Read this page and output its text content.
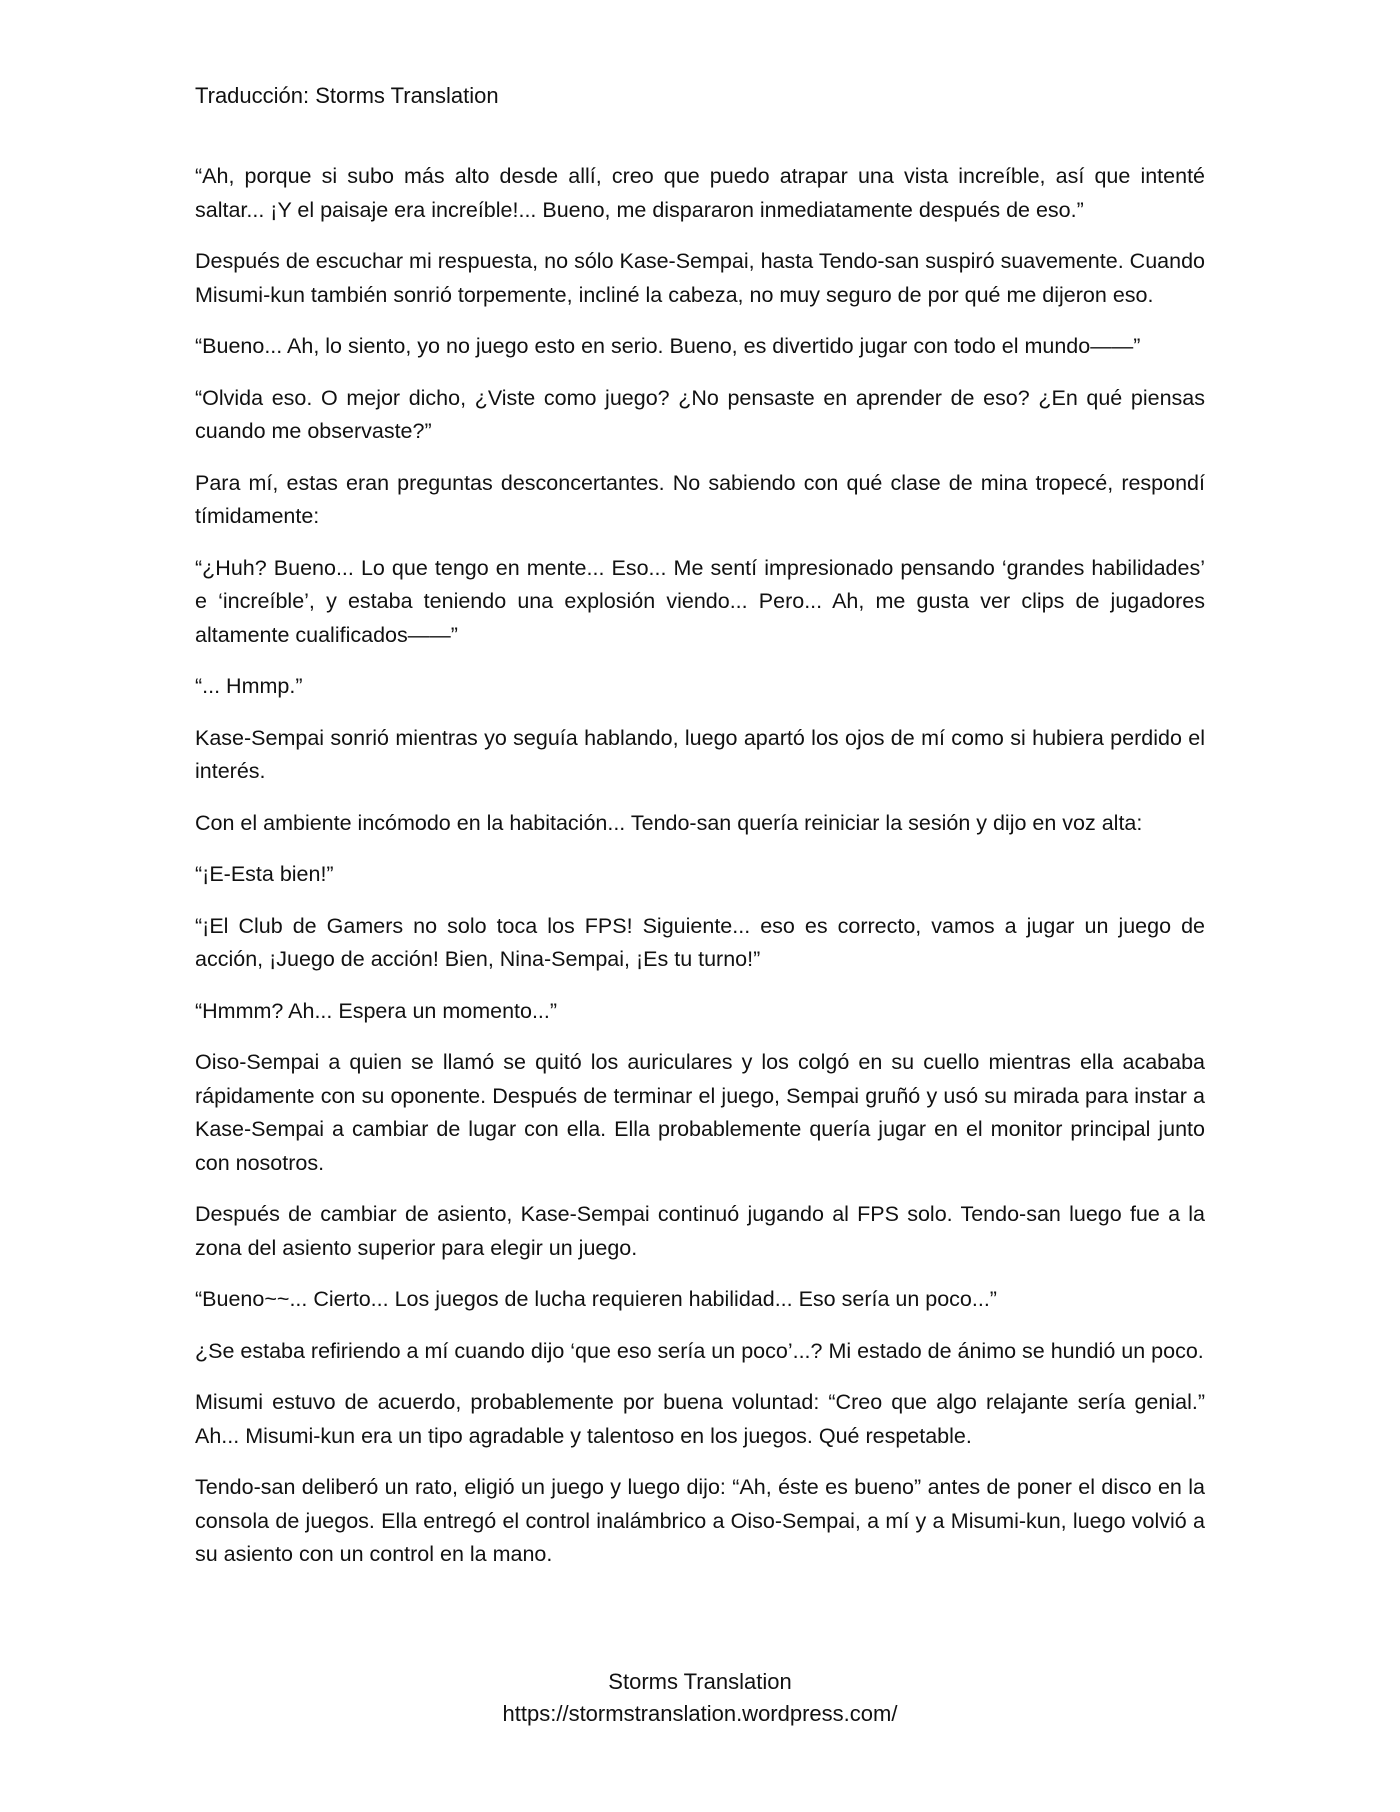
Traducción: Storms Translation

“Ah, porque si subo más alto desde allí, creo que puedo atrapar una vista increíble, así que intenté saltar... ¡Y el paisaje era increíble!... Bueno, me dispararon inmediatamente después de eso.”

Después de escuchar mi respuesta, no sólo Kase-Sempai, hasta Tendo-san suspiró suavemente. Cuando Misumi-kun también sonrió torpemente, incliné la cabeza, no muy seguro de por qué me dijeron eso.

“Bueno... Ah, lo siento, yo no juego esto en serio. Bueno, es divertido jugar con todo el mundo——”

“Olvida eso. O mejor dicho, ¿Viste como juego? ¿No pensaste en aprender de eso? ¿En qué piensas cuando me observaste?”

Para mí, estas eran preguntas desconcertantes. No sabiendo con qué clase de mina tropecé, respondí tímidamente:

“¿Huh? Bueno... Lo que tengo en mente... Eso... Me sentí impresionado pensando ‘grandes habilidades’ e ‘increíble’, y estaba teniendo una explosión viendo... Pero... Ah, me gusta ver clips de jugadores altamente cualificados——”

“... Hmmp.”

Kase-Sempai sonrió mientras yo seguía hablando, luego apartó los ojos de mí como si hubiera perdido el interés.

Con el ambiente incómodo en la habitación... Tendo-san quería reiniciar la sesión y dijo en voz alta:

“¡E-Esta bien!”

“¡El Club de Gamers no solo toca los FPS! Siguiente... eso es correcto, vamos a jugar un juego de acción, ¡Juego de acción! Bien, Nina-Sempai, ¡Es tu turno!”

“Hmmm? Ah... Espera un momento...”

Oiso-Sempai a quien se llamó se quitó los auriculares y los colgó en su cuello mientras ella acababa rápidamente con su oponente. Después de terminar el juego, Sempai gruñó y usó su mirada para instar a Kase-Sempai a cambiar de lugar con ella. Ella probablemente quería jugar en el monitor principal junto con nosotros.

Después de cambiar de asiento, Kase-Sempai continuó jugando al FPS solo. Tendo-san luego fue a la zona del asiento superior para elegir un juego.

“Bueno~~... Cierto... Los juegos de lucha requieren habilidad... Eso sería un poco...”

¿Se estaba refiriendo a mí cuando dijo ‘que eso sería un poco’...? Mi estado de ánimo se hundió un poco.

Misumi estuvo de acuerdo, probablemente por buena voluntad: “Creo que algo relajante sería genial.” Ah... Misumi-kun era un tipo agradable y talentoso en los juegos. Qué respetable.

Tendo-san deliberó un rato, eligió un juego y luego dijo: “Ah, éste es bueno” antes de poner el disco en la consola de juegos. Ella entregó el control inalámbrico a Oiso-Sempai, a mí y a Misumi-kun, luego volvió a su asiento con un control en la mano.

Storms Translation
https://stormstranslation.wordpress.com/
